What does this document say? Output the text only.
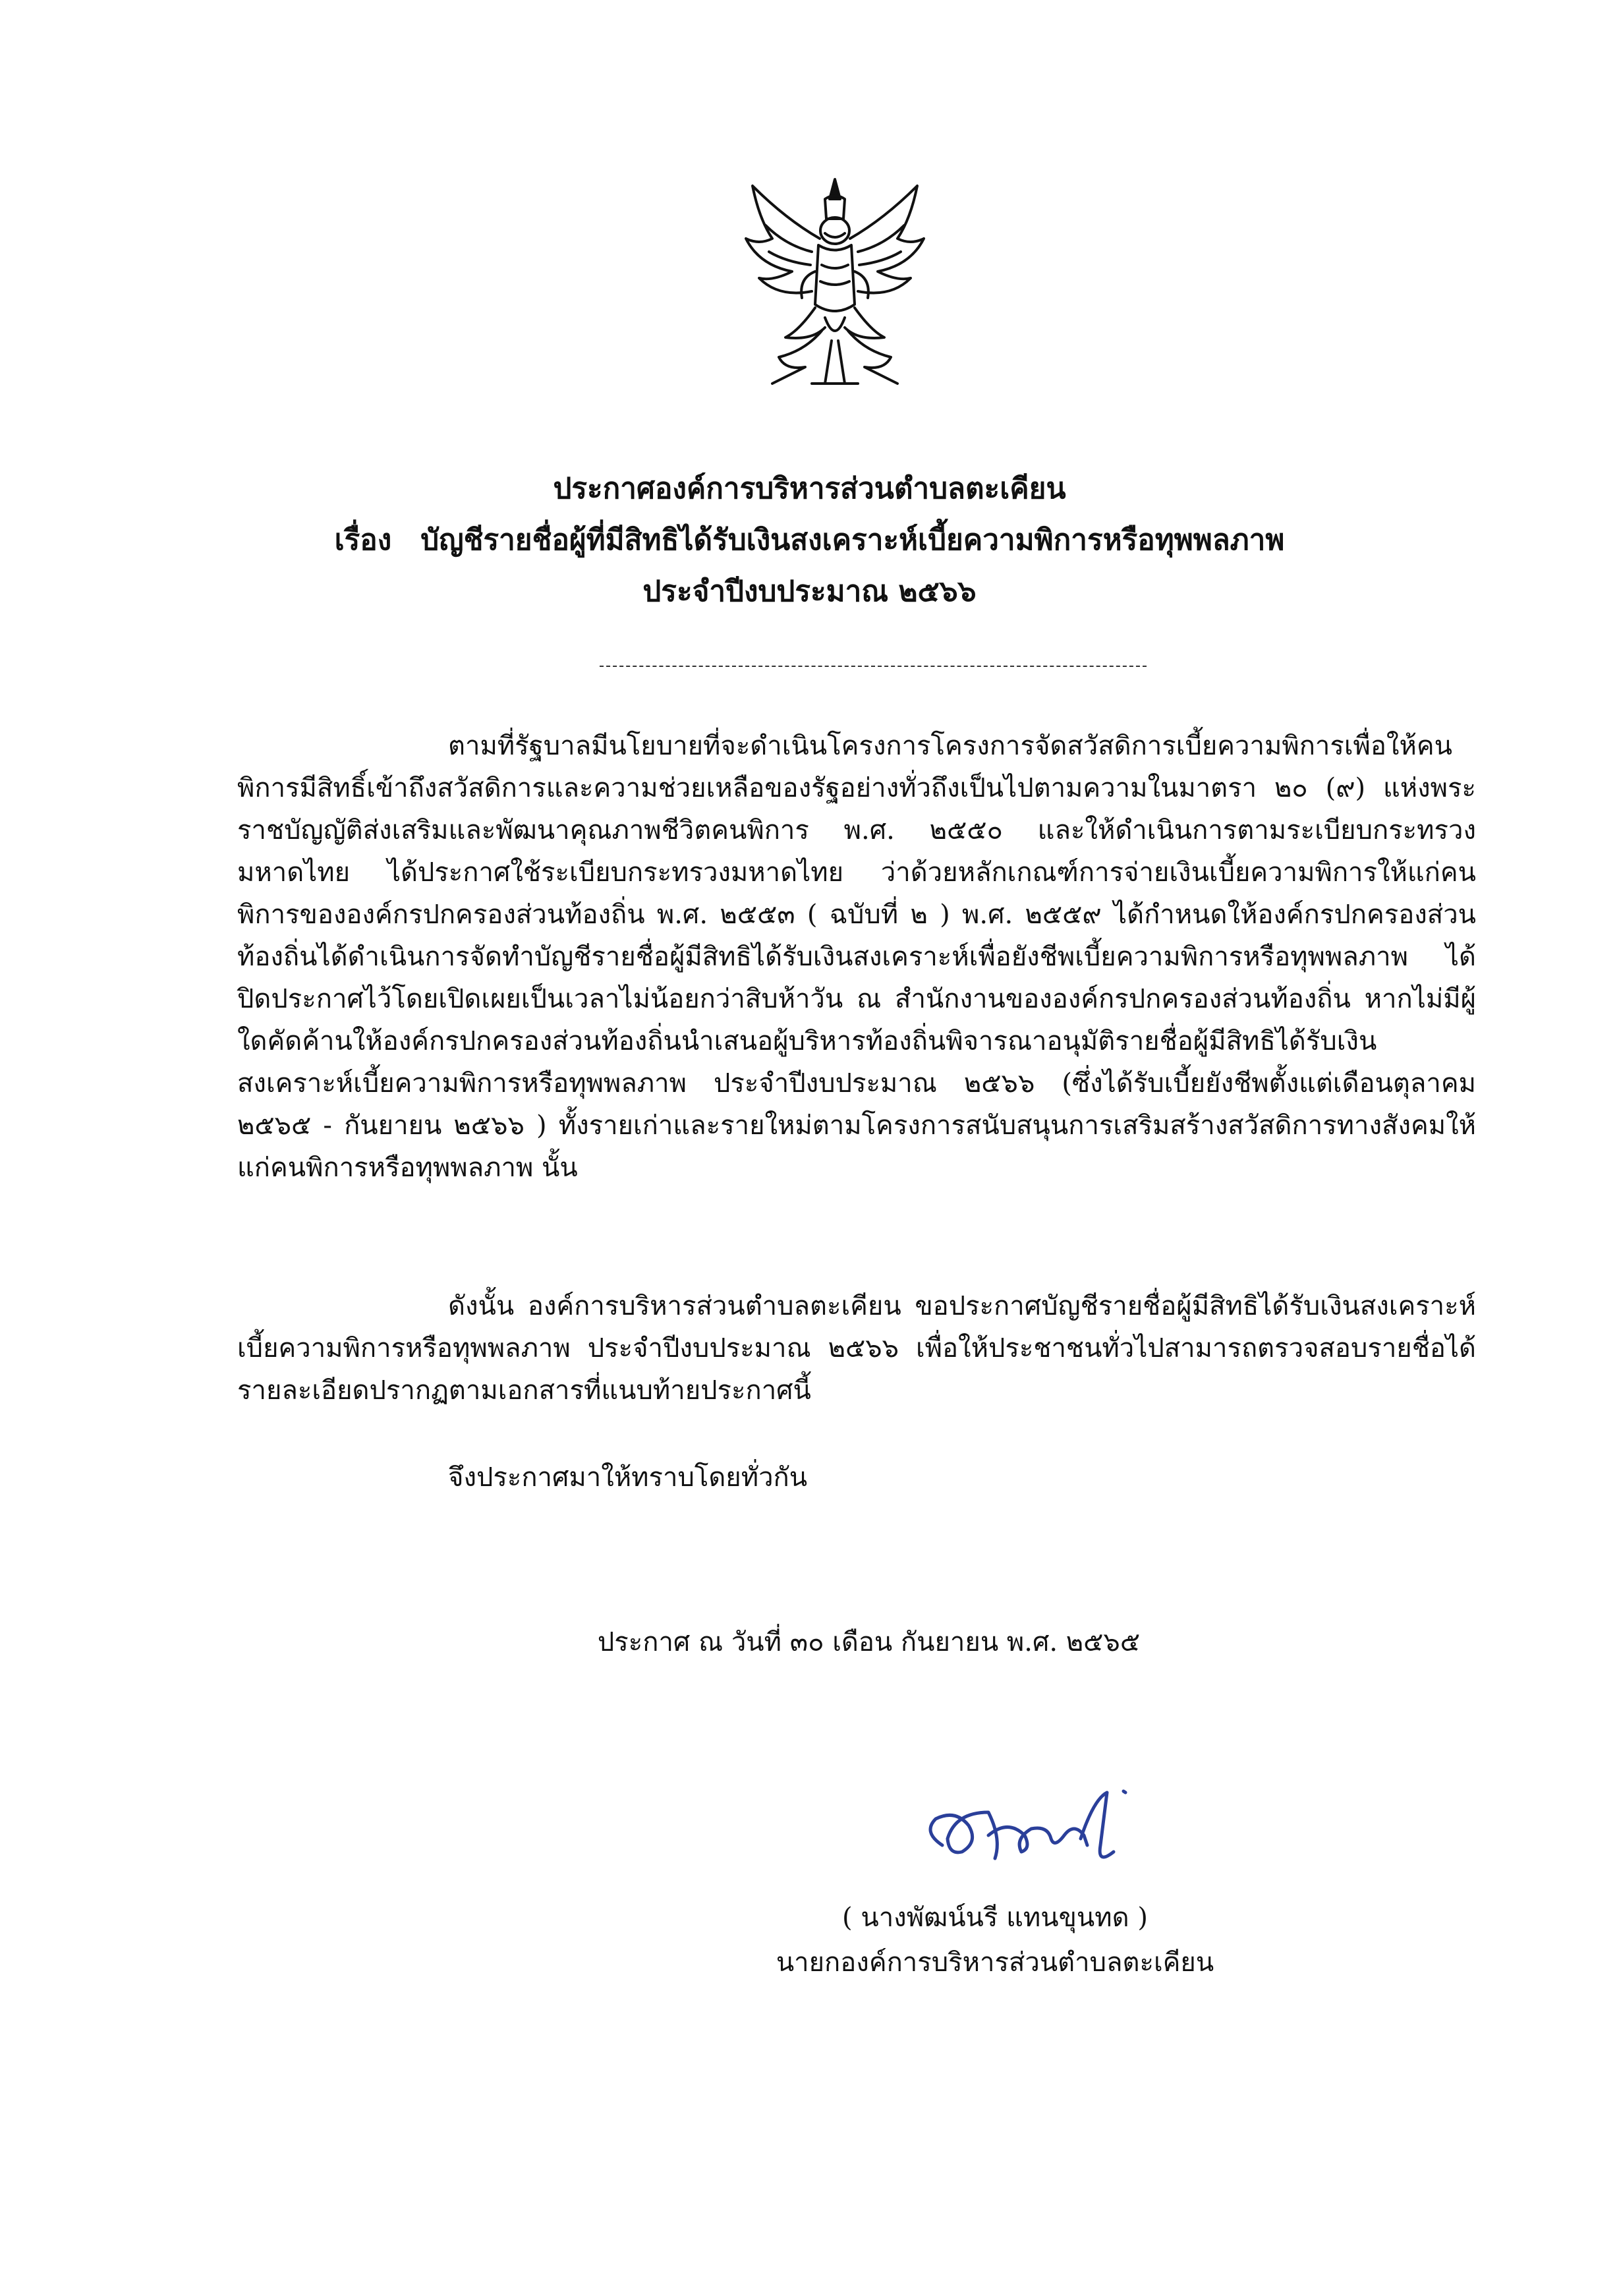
ประกาศองค์การบริหารส่วนตำบลตะเคียน
เรื่อง บัญชีรายชื่อผู้ที่มีสิทธิได้รับเงินสงเคราะห์เบี้ยความพิการหรือทุพพลภาพ
ประจำปีงบประมาณ ๒๕๖๖

ตามที่รัฐบาลมีนโยบายที่จะดำเนินโครงการโครงการจัดสวัสดิการเบี้ยความพิการเพื่อให้คนพิการมีสิทธิ์เข้าถึงสวัสดิการและความช่วยเหลือของรัฐอย่างทั่วถึงเป็นไปตามความในมาตรา ๒๐ (๙) แห่งพระราชบัญญัติส่งเสริมและพัฒนาคุณภาพชีวิตคนพิการ พ.ศ. ๒๕๕๐ และให้ดำเนินการตามระเบียบกระทรวงมหาดไทย ได้ประกาศใช้ระเบียบกระทรวงมหาดไทย ว่าด้วยหลักเกณฑ์การจ่ายเงินเบี้ยความพิการให้แก่คนพิการขององค์กรปกครองส่วนท้องถิ่น พ.ศ. ๒๕๕๓ ( ฉบับที่ ๒ ) พ.ศ. ๒๕๕๙ ได้กำหนดให้องค์กรปกครองส่วนท้องถิ่นได้ดำเนินการจัดทำบัญชีรายชื่อผู้มีสิทธิได้รับเงินสงเคราะห์เพื่อยังชีพเบี้ยความพิการหรือทุพพลภาพ ได้ปิดประกาศไว้โดยเปิดเผยเป็นเวลาไม่น้อยกว่าสิบห้าวัน ณ สำนักงานขององค์กรปกครองส่วนท้องถิ่น หากไม่มีผู้ใดคัดค้านให้องค์กรปกครองส่วนท้องถิ่นนำเสนอผู้บริหารท้องถิ่นพิจารณาอนุมัติรายชื่อผู้มีสิทธิได้รับเงินสงเคราะห์เบี้ยความพิการหรือทุพพลภาพ ประจำปีงบประมาณ ๒๕๖๖ (ซึ่งได้รับเบี้ยยังชีพตั้งแต่เดือนตุลาคม ๒๕๖๕ - กันยายน ๒๕๖๖ ) ทั้งรายเก่าและรายใหม่ตามโครงการสนับสนุนการเสริมสร้างสวัสดิการทางสังคมให้แก่คนพิการหรือทุพพลภาพ นั้น

ดังนั้น องค์การบริหารส่วนตำบลตะเคียน ขอประกาศบัญชีรายชื่อผู้มีสิทธิได้รับเงินสงเคราะห์เบี้ยความพิการหรือทุพพลภาพ ประจำปีงบประมาณ ๒๕๖๖ เพื่อให้ประชาชนทั่วไปสามารถตรวจสอบรายชื่อได้ รายละเอียดปรากฏตามเอกสารที่แนบท้ายประกาศนี้

จึงประกาศมาให้ทราบโดยทั่วกัน

ประกาศ ณ วันที่ ๓๐ เดือน กันยายน พ.ศ. ๒๕๖๕
( นางพัฒน์นรี แทนขุนทด )
นายกองค์การบริหารส่วนตำบลตะเคียน
